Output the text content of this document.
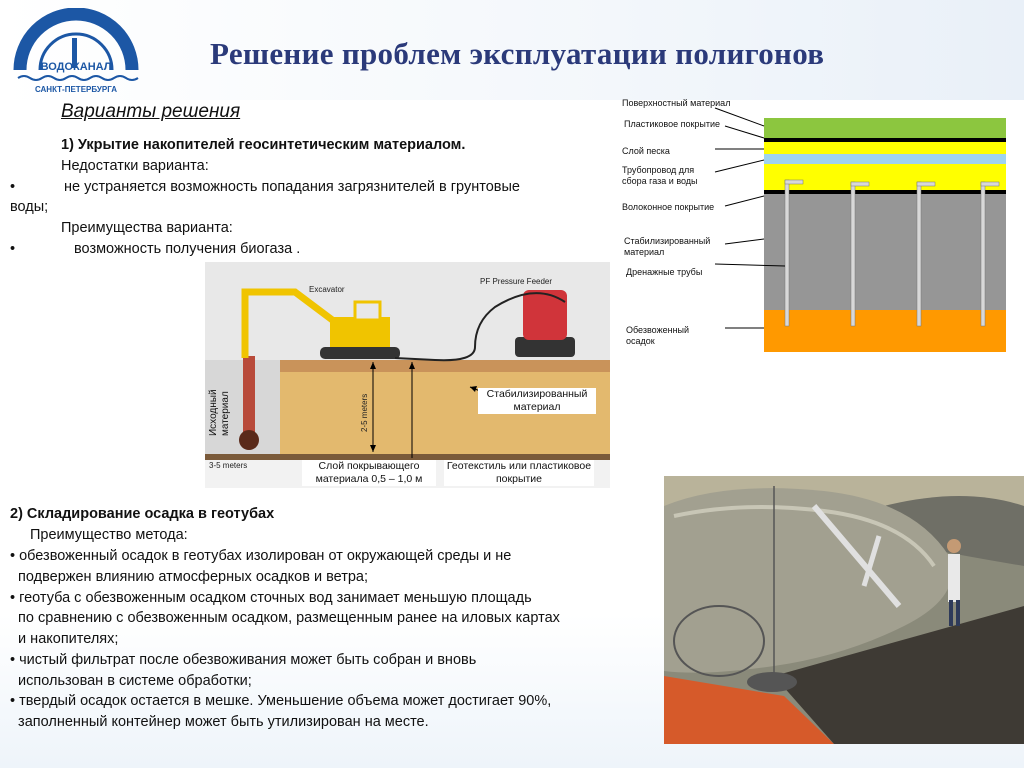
ВОДОКАНАЛ
САНКТ-ПЕТЕРБУРГА
Решение проблем эксплуатации полигонов
Варианты решения
1) Укрытие накопителей геосинтетическим материалом.
Недостатки варианта:
•	не устраняется возможность попадания загрязнителей в грунтовые
воды;
Преимущества варианта:
•	возможность получения биогаза .
Excavator
PF Pressure Feeder
3-5 meters
2-5 meters
Исходный материал	Стабилизированный материал
Слой покрывающего материала 0,5 – 1,0 м
Геотекстиль или пластиковое покрытие
Поверхностный материал
Пластиковое покрытие
Слой песка
Трубопровод для сбора газа и воды
Волоконное покрытие
Стабилизированный материал
Дренажные трубы
Обезвоженный осадок
2) Складирование осадка в геотубах
Преимущество метода:
• обезвоженный осадок в геотубах изолирован от окружающей среды и не
подвержен влиянию атмосферных осадков и ветра;
• геотуба с обезвоженным осадком сточных вод занимает меньшую площадь
по сравнению с обезвоженным осадком, размещенным ранее на иловых картах
и накопителях;
• чистый фильтрат после обезвоживания может быть собран и вновь
использован в системе обработки;
• твердый осадок остается в мешке. Уменьшение объема может достигает 90%,
заполненный контейнер может быть утилизирован на месте.
